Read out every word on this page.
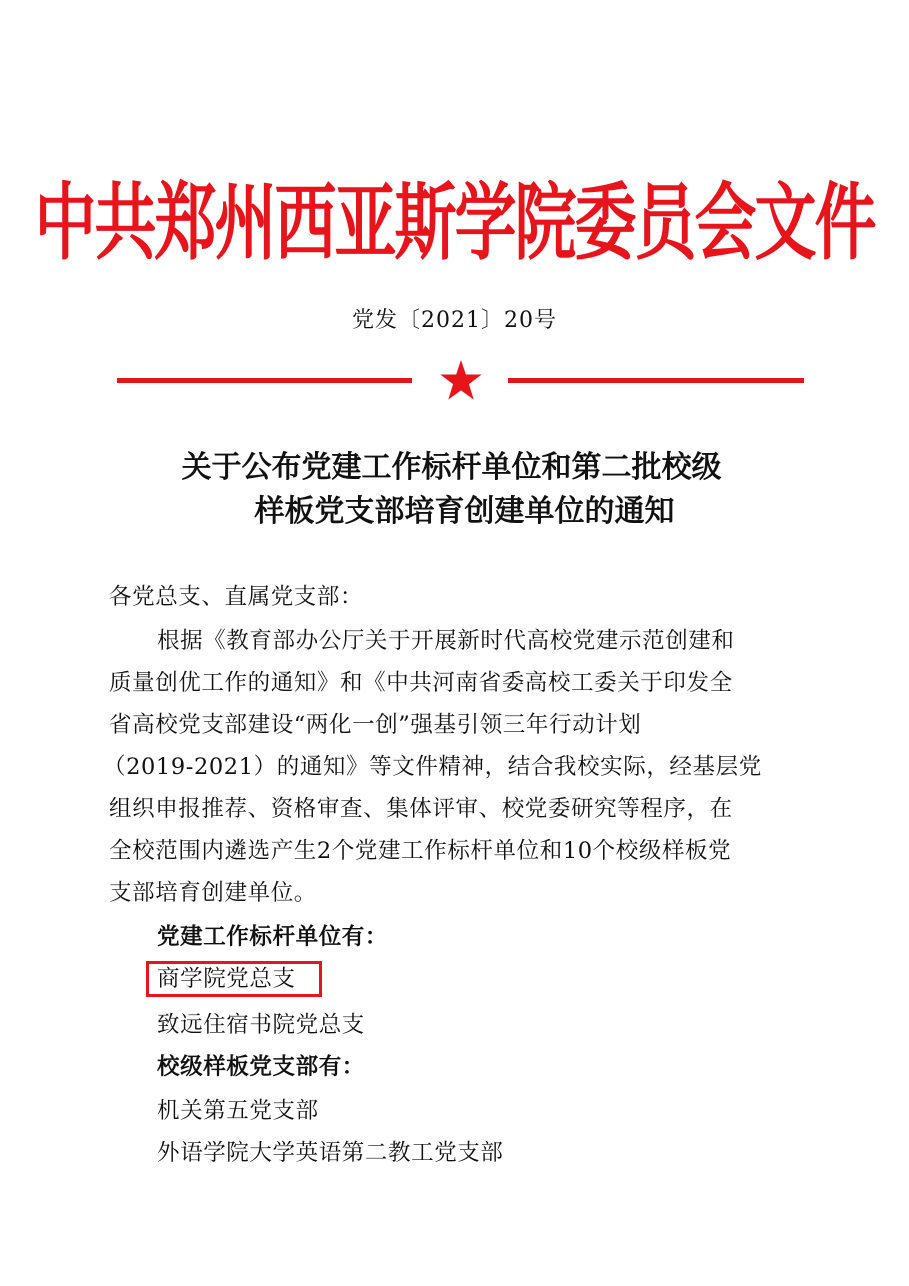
中共郑州西亚斯学院委员会文件
党发〔2021〕20号
关于公布党建工作标杆单位和第二批校级
样板党支部培育创建单位的通知
各党总支、直属党支部：
根据《教育部办公厅关于开展新时代高校党建示范创建和
质量创优工作的通知》和《中共河南省委高校工委关于印发全
省高校党支部建设“两化一创”强基引领三年行动计划
（2019-2021）的通知》等文件精神，结合我校实际，经基层党
组织申报推荐、资格审查、集体评审、校党委研究等程序，在
全校范围内遴选产生2个党建工作标杆单位和10个校级样板党
支部培育创建单位。
党建工作标杆单位有：
商学院党总支
致远住宿书院党总支
校级样板党支部有：
机关第五党支部
外语学院大学英语第二教工党支部
